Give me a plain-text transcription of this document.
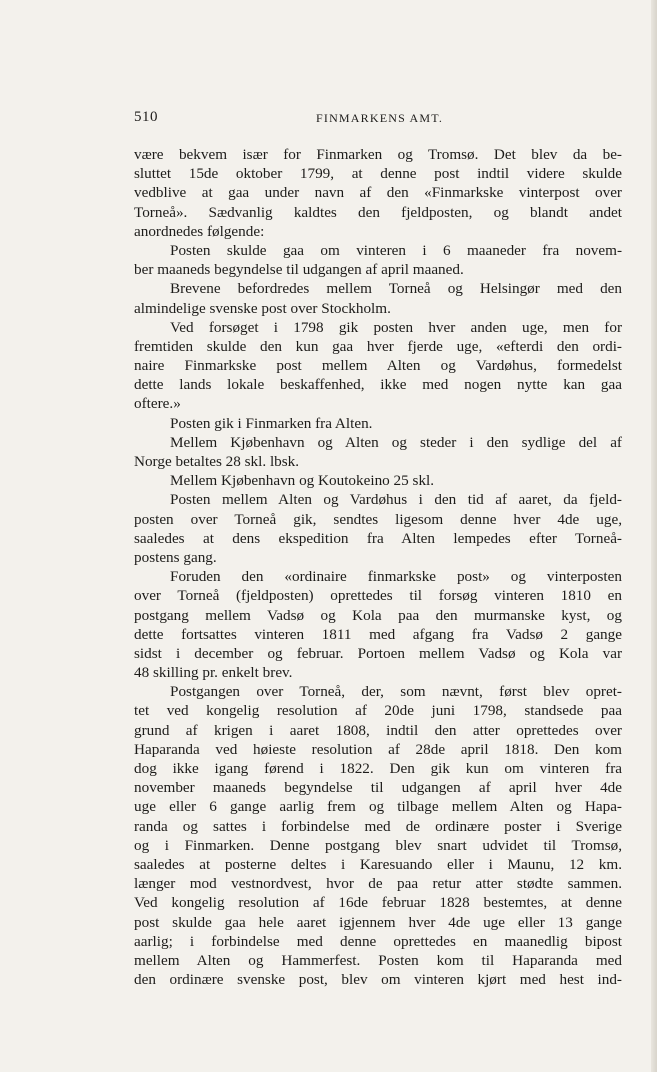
510	FINMARKENS AMT.
være bekvem især for Finmarken og Tromsø. Det blev da be-
sluttet 15de oktober 1799, at denne post indtil videre skulde
vedblive at gaa under navn af den «Finmarkske vinterpost over
Torneå». Sædvanlig kaldtes den fjeldposten, og blandt andet
anordnedes følgende:
Posten skulde gaa om vinteren i 6 maaneder fra novem-
ber maaneds begyndelse til udgangen af april maaned.
Brevene befordredes mellem Torneå og Helsingør med den
almindelige svenske post over Stockholm.
Ved forsøget i 1798 gik posten hver anden uge, men for
fremtiden skulde den kun gaa hver fjerde uge, «efterdi den ordi-
naire Finmarkske post mellem Alten og Vardøhus, formedelst
dette lands lokale beskaffenhed, ikke med nogen nytte kan gaa
oftere.»
Posten gik i Finmarken fra Alten.
Mellem Kjøbenhavn og Alten og steder i den sydlige del af
Norge betaltes 28 skl. lbsk.
Mellem Kjøbenhavn og Koutokeino 25 skl.
Posten mellem Alten og Vardøhus i den tid af aaret, da fjeld-
posten over Torneå gik, sendtes ligesom denne hver 4de uge,
saaledes at dens ekspedition fra Alten lempedes efter Torneå-
postens gang.
Foruden den «ordinaire finmarkske post» og vinterposten
over Torneå (fjeldposten) oprettedes til forsøg vinteren 1810 en
postgang mellem Vadsø og Kola paa den murmanske kyst, og
dette fortsattes vinteren 1811 med afgang fra Vadsø 2 gange
sidst i december og februar. Portoen mellem Vadsø og Kola var
48 skilling pr. enkelt brev.
Postgangen over Torneå, der, som nævnt, først blev opret-
tet ved kongelig resolution af 20de juni 1798, standsede paa
grund af krigen i aaret 1808, indtil den atter oprettedes over
Haparanda ved høieste resolution af 28de april 1818. Den kom
dog ikke igang førend i 1822. Den gik kun om vinteren fra
november maaneds begyndelse til udgangen af april hver 4de
uge eller 6 gange aarlig frem og tilbage mellem Alten og Hapa-
randa og sattes i forbindelse med de ordinære poster i Sverige
og i Finmarken. Denne postgang blev snart udvidet til Tromsø,
saaledes at posterne deltes i Karesuando eller i Maunu, 12 km.
længer mod vestnordvest, hvor de paa retur atter stødte sammen.
Ved kongelig resolution af 16de februar 1828 bestemtes, at denne
post skulde gaa hele aaret igjennem hver 4de uge eller 13 gange
aarlig; i forbindelse med denne oprettedes en maanedlig bipost
mellem Alten og Hammerfest. Posten kom til Haparanda med
den ordinære svenske post, blev om vinteren kjørt med hest ind-
